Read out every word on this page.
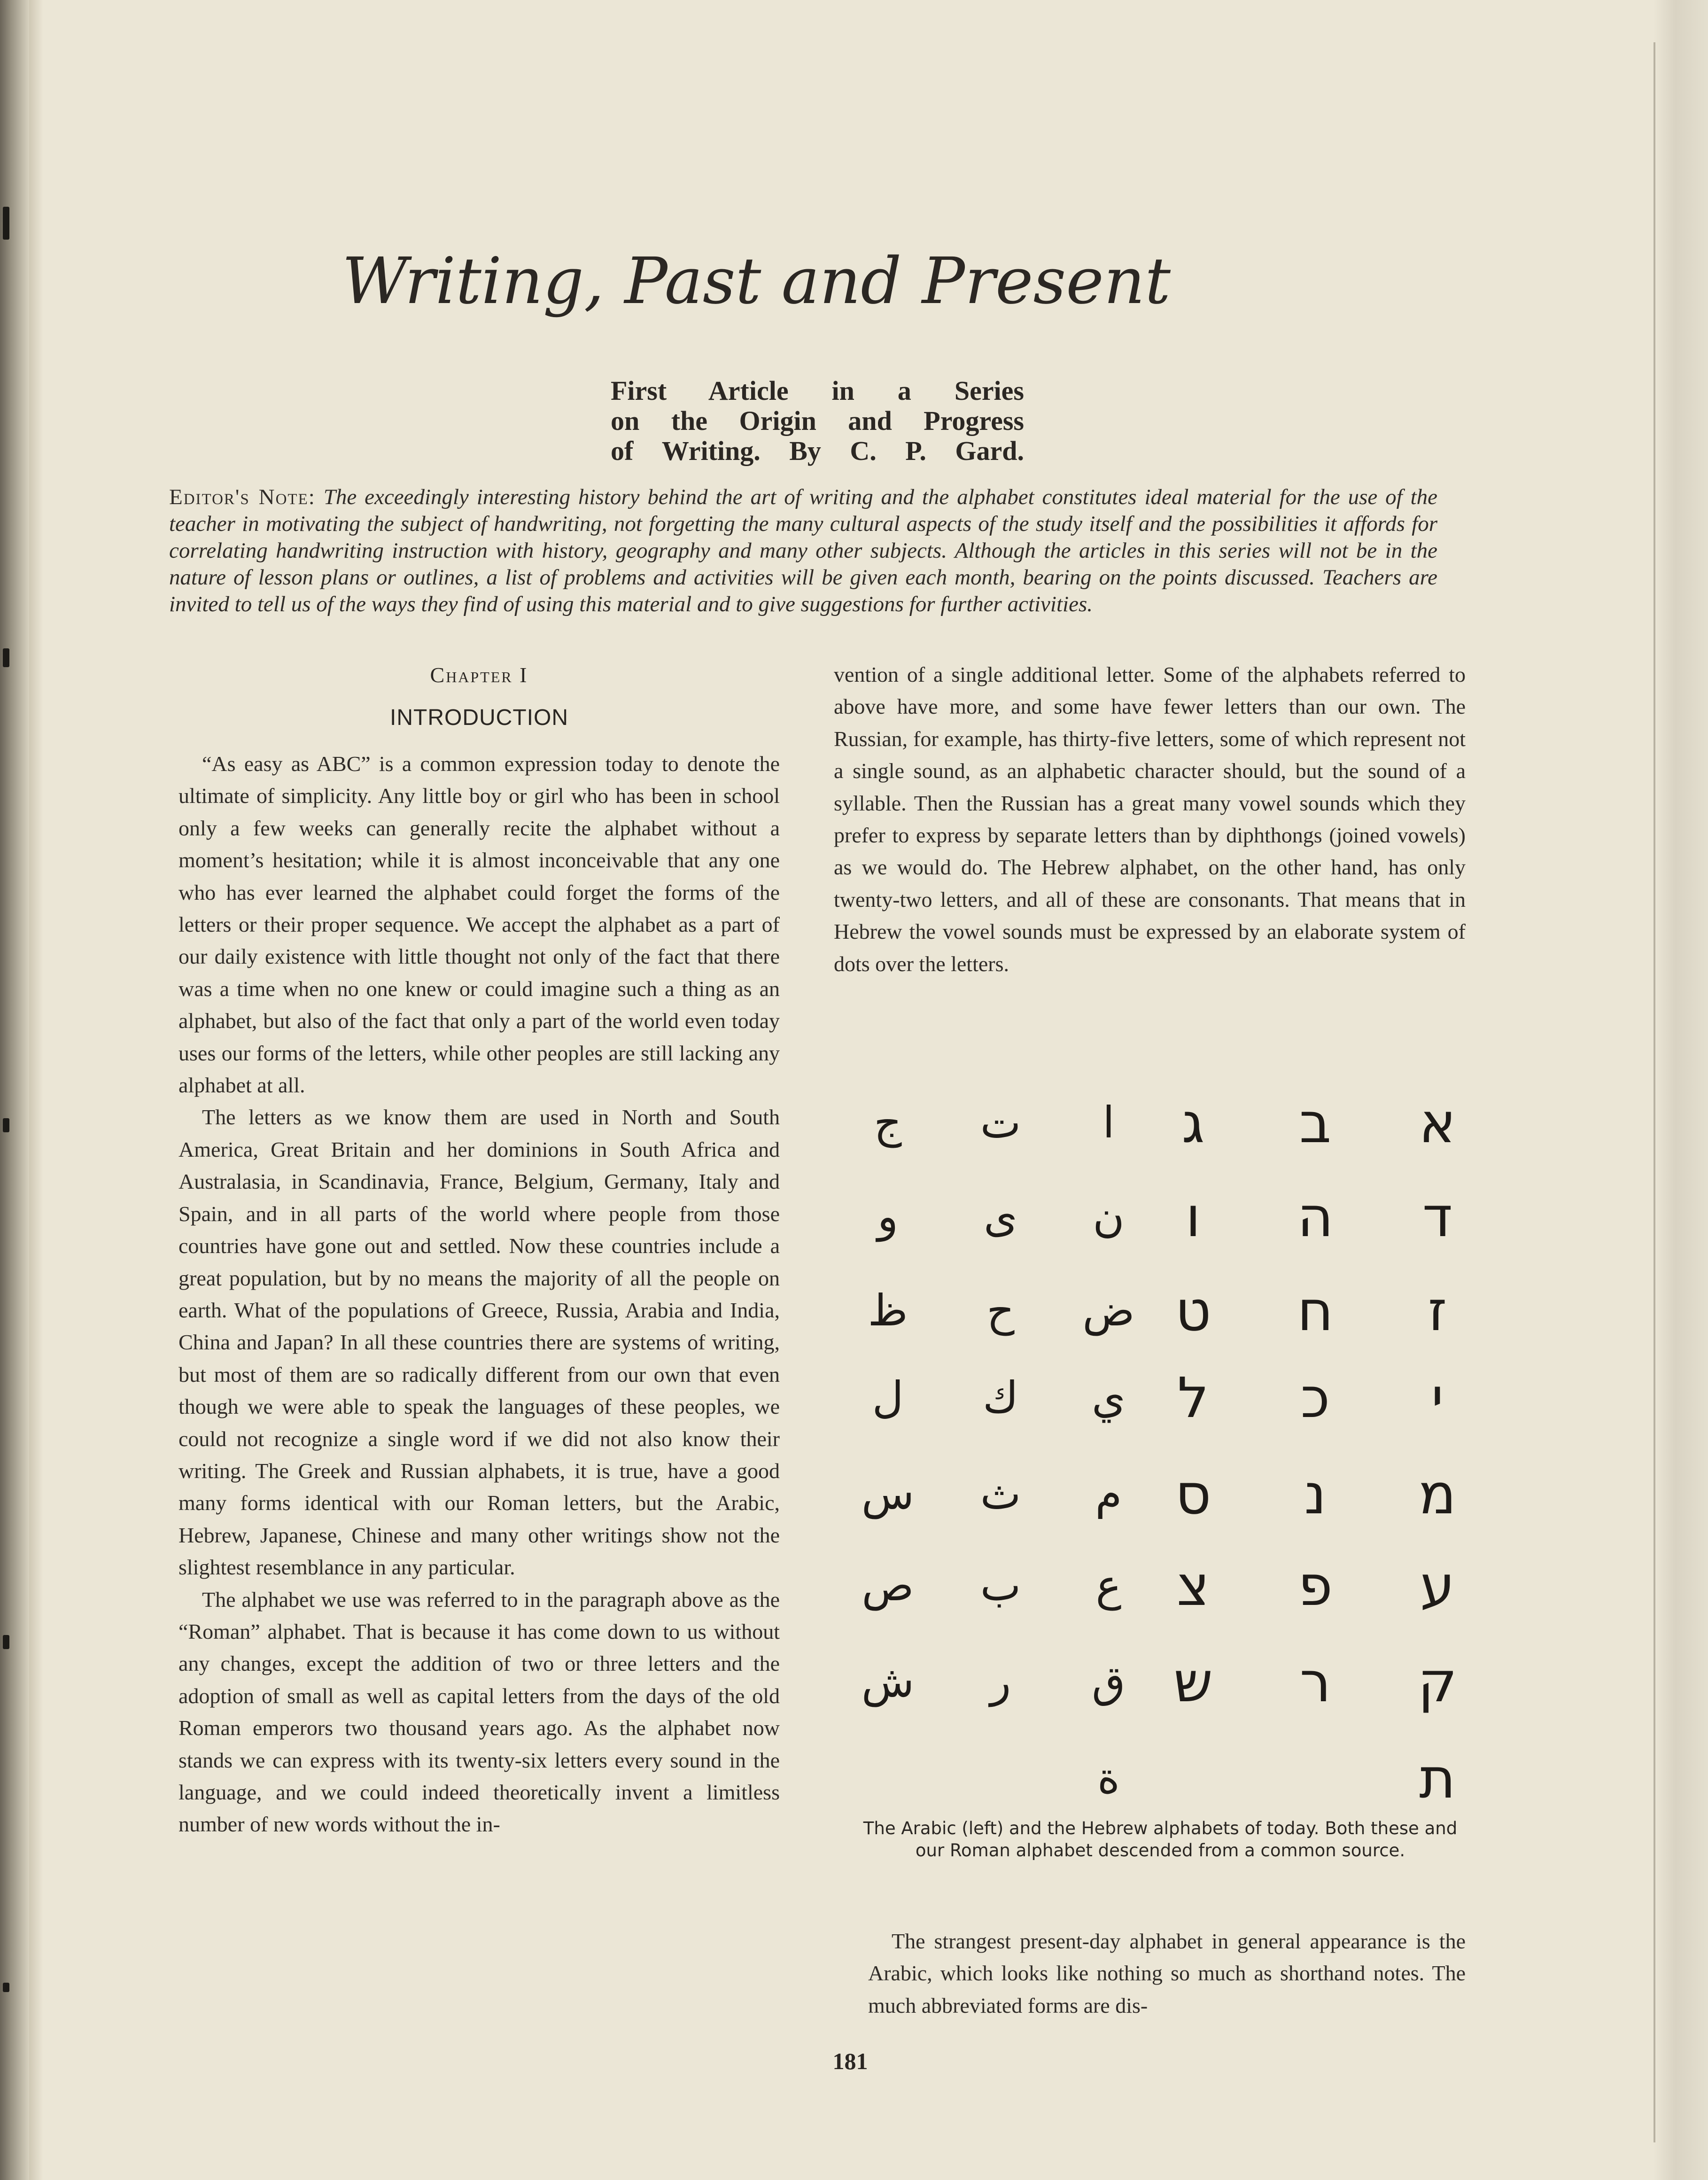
Writing, Past and Present
First Article in a Series
on the Origin and Progress
of Writing. By C. P. Gard.
Editor's Note: The exceedingly interesting history behind the art of writing and the alphabet constitutes ideal material for the use of the teacher in motivating the subject of handwriting, not forgetting the many cultural aspects of the study itself and the possibilities it affords for correlating handwriting instruction with history, geography and many other subjects. Although the articles in this series will not be in the nature of lesson plans or outlines, a list of problems and activities will be given each month, bearing on the points discussed. Teachers are invited to tell us of the ways they find of using this material and to give suggestions for further activities.
Chapter I
INTRODUCTION

“As easy as ABC” is a common expression today to denote the ultimate of simplicity. Any little boy or girl who has been in school only a few weeks can generally recite the alphabet without a moment’s hesitation; while it is almost inconceivable that any one who has ever learned the alphabet could forget the forms of the letters or their proper sequence. We accept the alphabet as a part of our daily existence with little thought not only of the fact that there was a time when no one knew or could imagine such a thing as an alphabet, but also of the fact that only a part of the world even today uses our forms of the letters, while other peoples are still lacking any alphabet at all.

The letters as we know them are used in North and South America, Great Britain and her dominions in South Africa and Australasia, in Scandinavia, France, Belgium, Germany, Italy and Spain, and in all parts of the world where people from those countries have gone out and settled. Now these countries include a great population, but by no means the majority of all the people on earth. What of the populations of Greece, Russia, Arabia and India, China and Japan? In all these countries there are systems of writing, but most of them are so radically different from our own that even though we were able to speak the languages of these peoples, we could not recognize a single word if we did not also know their writing. The Greek and Russian alphabets, it is true, have a good many forms identical with our Roman letters, but the Arabic, Hebrew, Japanese, Chinese and many other writings show not the slightest resemblance in any particular.

The alphabet we use was referred to in the paragraph above as the “Roman” alphabet. That is because it has come down to us without any changes, except the addition of two or three letters and the adoption of small as well as capital letters from the days of the old Roman emperors two thousand years ago. As the alphabet now stands we can express with its twenty-six letters every sound in the language, and we could indeed theoretically invent a limitless number of new words without the in-

vention of a single additional letter. Some of the alphabets referred to above have more, and some have fewer letters than our own. The Russian, for example, has thirty-five letters, some of which represent not a single sound, as an alphabetic character should, but the sound of a syllable. Then the Russian has a great many vowel sounds which they prefer to express by separate letters than by diphthongs (joined vowels) as we would do. The Hebrew alphabet, on the other hand, has only twenty-two letters, and all of these are consonants. That means that in Hebrew the vowel sounds must be expressed by an elaborate system of dots over the letters.

ج ت ا
و ى ن
ظ ح ض
ل ك ي
س ث م
ص ب ع
ش ر ق
ة
ג ב א
ו ה ד
ט ח ז
ל כ י
ס נ מ
צ פ ע
ש ר ק
ת
The Arabic (left) and the Hebrew alphabets of today. Both these and our Roman alphabet descended from a common source.

The strangest present-day alphabet in general appearance is the Arabic, which looks like nothing so much as shorthand notes. The much abbreviated forms are dis-

181
